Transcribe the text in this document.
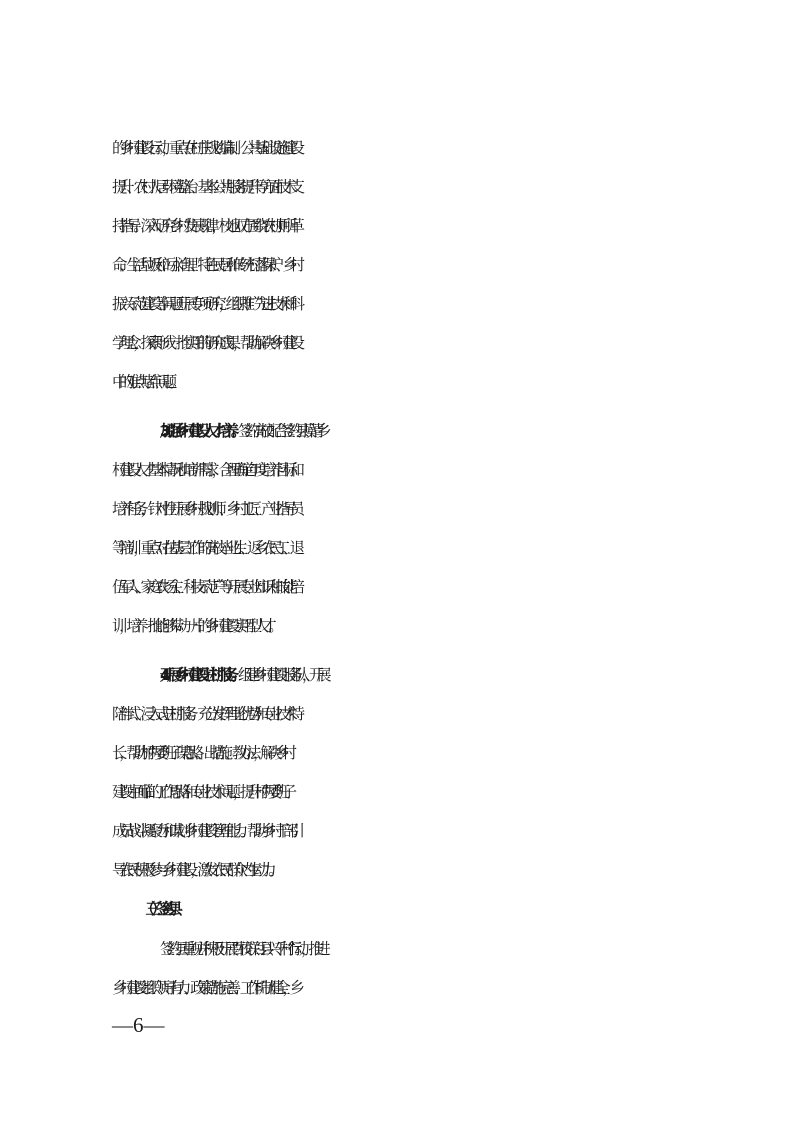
的乡村建设行动，重点在村庄规划编制、公共基础设施建设
提升、农村人居环境整治、基本公共服务提升等方面技术支
持指导。深入研究乡村发展规律，校地双方围绕农村厕所革
命、生活垃圾和污水治理、特色民居和传统村落保护、乡村
振兴示范建设等问题开展专项研究，组织推广先进技术和科
学理念，探索形成一批实用的研究成果，帮助解决乡村建设
中的难点堵点问题。
3.加强乡村建设人才培养。签约高校配合签约县摸清乡
村建设人才基本情况和培训需求，合理确定年度培养目标和
培养任务，针对性开展乡村规划师、乡村工匠、产业指导员
等培训，重点对在基层工作的高校毕业生、返乡农民工、退
伍军人、家庭农场主、科技示范户等开展专业知识和技能培
训，培养一批能够带动一片的乡村建设实用型人才。
4.开展乡村建设驻村服务。组建乡村建设服务队，开展
陪伴式、浸入式驻村服务。充分发挥理论优势和专业技术特
长，帮助村“两委”班子谋思路、出措施、教办法，解决乡村
建设中面临的工作思路和专业技术问题，提升村“两委”班子
成员战斗凝聚力和谋划乡村建设管理能力。帮助乡村干部引
导农民积极参与乡村建设，激发农民群众内生动力。
（三）签约县
签约县重视并积极开展“百校联百县兴千村”行动，推进
乡村建设组织领导有力、政策措施完善、工作机制健全，乡
—6—
